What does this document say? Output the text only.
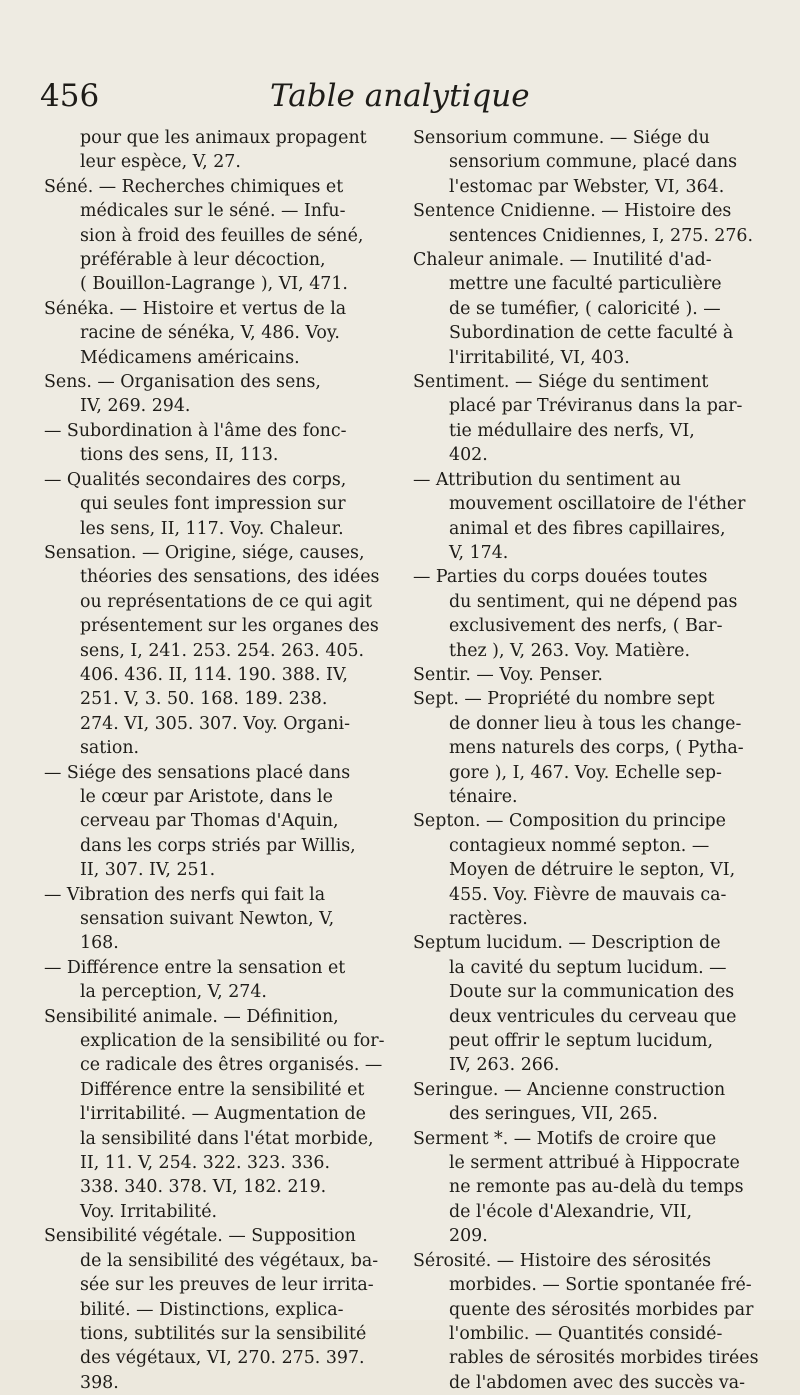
456	Table analytique
pour que les animaux propagent
leur espèce, V, 27.
Séné. — Recherches chimiques et
médicales sur le séné. — Infu-
sion à froid des feuilles de séné,
préférable à leur décoction,
( Bouillon-Lagrange ), VI, 471.
Sénéka. — Histoire et vertus de la
racine de sénéka, V, 486. Voy.
Médicamens américains.
Sens. — Organisation des sens,
IV, 269. 294.
— Subordination à l'âme des fonc-
tions des sens, II, 113.
— Qualités secondaires des corps,
qui seules font impression sur
les sens, II, 117. Voy. Chaleur.
Sensation. — Origine, siége, causes,
théories des sensations, des idées
ou représentations de ce qui agit
présentement sur les organes des
sens, I, 241. 253. 254. 263. 405.
406. 436. II, 114. 190. 388. IV,
251. V, 3. 50. 168. 189. 238.
274. VI, 305. 307. Voy. Organi-
sation.
— Siége des sensations placé dans
le cœur par Aristote, dans le
cerveau par Thomas d'Aquin,
dans les corps striés par Willis,
II, 307. IV, 251.
— Vibration des nerfs qui fait la
sensation suivant Newton, V,
168.
— Différence entre la sensation et
la perception, V, 274.
Sensibilité animale. — Définition,
explication de la sensibilité ou for-
ce radicale des êtres organisés. —
Différence entre la sensibilité et
l'irritabilité. — Augmentation de
la sensibilité dans l'état morbide,
II, 11. V, 254. 322. 323. 336.
338. 340. 378. VI, 182. 219.
Voy. Irritabilité.
Sensibilité végétale. — Supposition
de la sensibilité des végétaux, ba-
sée sur les preuves de leur irrita-
bilité. — Distinctions, explica-
tions, subtilités sur la sensibilité
des végétaux, VI, 270. 275. 397.
398.
Sensorium commune. — Siége du
sensorium commune, placé dans
l'estomac par Webster, VI, 364.
Sentence Cnidienne. — Histoire des
sentences Cnidiennes, I, 275. 276.
Chaleur animale. — Inutilité d'ad-
mettre une faculté particulière
de se tuméfier, ( caloricité ). —
Subordination de cette faculté à
l'irritabilité, VI, 403.
Sentiment. — Siége du sentiment
placé par Tréviranus dans la par-
tie médullaire des nerfs, VI,
402.
— Attribution du sentiment au
mouvement oscillatoire de l'éther
animal et des fibres capillaires,
V, 174.
— Parties du corps douées toutes
du sentiment, qui ne dépend pas
exclusivement des nerfs, ( Bar-
thez ), V, 263. Voy. Matière.
Sentir. — Voy. Penser.
Sept. — Propriété du nombre sept
de donner lieu à tous les change-
mens naturels des corps, ( Pytha-
gore ), I, 467. Voy. Echelle sep-
ténaire.
Septon. — Composition du principe
contagieux nommé septon. —
Moyen de détruire le septon, VI,
455. Voy. Fièvre de mauvais ca-
ractères.
Septum lucidum. — Description de
la cavité du septum lucidum. —
Doute sur la communication des
deux ventricules du cerveau que
peut offrir le septum lucidum,
IV, 263. 266.
Seringue. — Ancienne construction
des seringues, VII, 265.
Serment *. — Motifs de croire que
le serment attribué à Hippocrate
ne remonte pas au-delà du temps
de l'école d'Alexandrie, VII,
209.
Sérosité. — Histoire des sérosités
morbides. — Sortie spontanée fré-
quente des sérosités morbides par
l'ombilic. — Quantités considé-
rables de sérosités morbides tirées
de l'abdomen avec des succès va-
